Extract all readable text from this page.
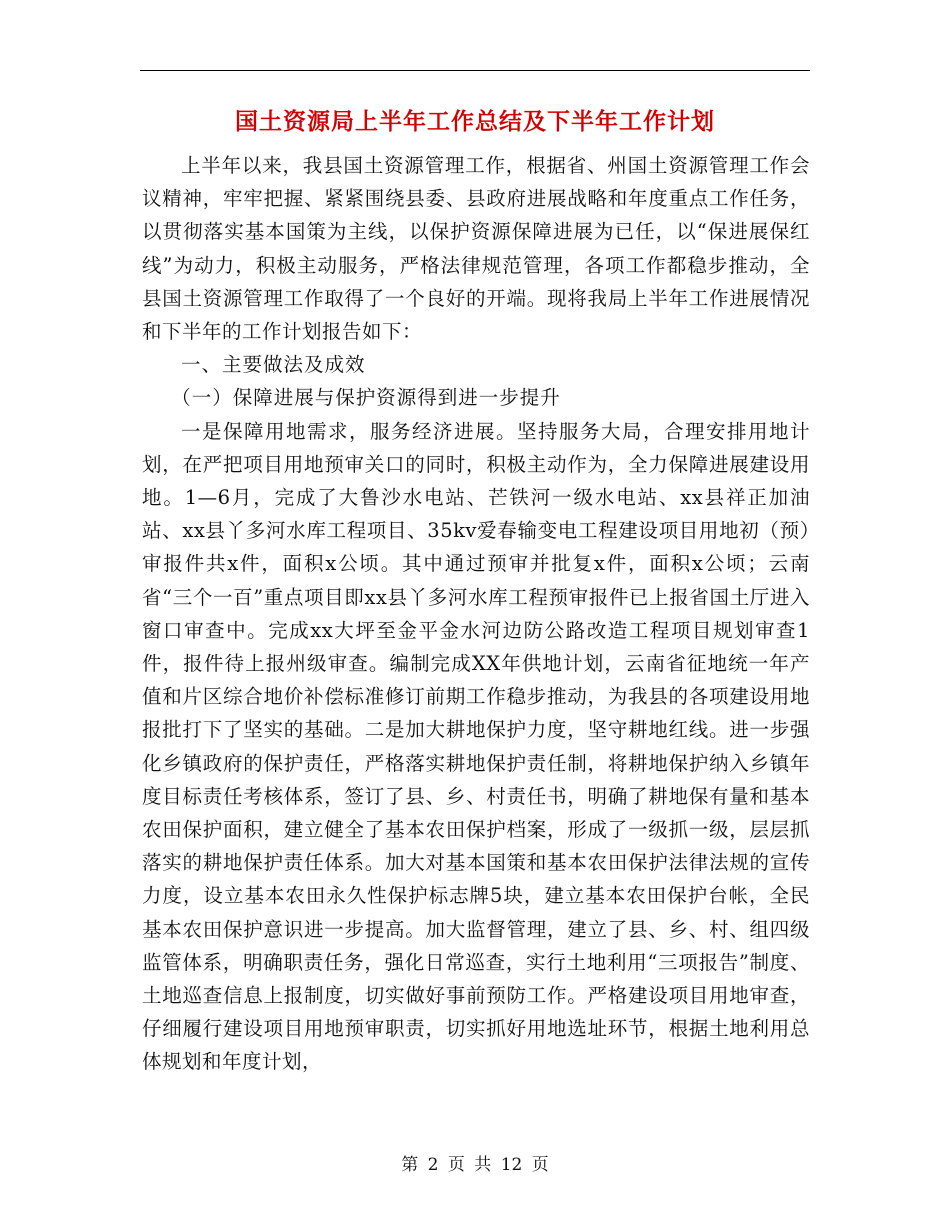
国土资源局上半年工作总结及下半年工作计划

上半年以来，我县国土资源管理工作，根据省、州国土资源管理工作会议精神，牢牢把握、紧紧围绕县委、县政府进展战略和年度重点工作任务，以贯彻落实基本国策为主线，以保护资源保障进展为已任，以“保进展保红线”为动力，积极主动服务，严格法律规范管理，各项工作都稳步推动，全县国土资源管理工作取得了一个良好的开端。现将我局上半年工作进展情况和下半年的工作计划报告如下：

一、主要做法及成效

（一）保障进展与保护资源得到进一步提升

一是保障用地需求，服务经济进展。坚持服务大局，合理安排用地计划，在严把项目用地预审关口的同时，积极主动作为，全力保障进展建设用地。1—6月，完成了大鲁沙水电站、芒铁河一级水电站、xx县祥正加油站、xx县丫多河水库工程项目、35kv爱春输变电工程建设项目用地初（预）审报件共x件，面积x公顷。其中通过预审并批复x件，面积x公顷；云南省“三个一百”重点项目即xx县丫多河水库工程预审报件已上报省国土厅进入窗口审查中。完成xx大坪至金平金水河边防公路改造工程项目规划审查1件，报件待上报州级审查。编制完成XX年供地计划，云南省征地统一年产值和片区综合地价补偿标准修订前期工作稳步推动，为我县的各项建设用地报批打下了坚实的基础。二是加大耕地保护力度，坚守耕地红线。进一步强化乡镇政府的保护责任，严格落实耕地保护责任制，将耕地保护纳入乡镇年度目标责任考核体系，签订了县、乡、村责任书，明确了耕地保有量和基本农田保护面积，建立健全了基本农田保护档案，形成了一级抓一级，层层抓落实的耕地保护责任体系。加大对基本国策和基本农田保护法律法规的宣传力度，设立基本农田永久性保护标志牌5块，建立基本农田保护台帐，全民基本农田保护意识进一步提高。加大监督管理，建立了县、乡、村、组四级监管体系，明确职责任务，强化日常巡查，实行土地利用“三项报告”制度、土地巡查信息上报制度，切实做好事前预防工作。严格建设项目用地审查，仔细履行建设项目用地预审职责，切实抓好用地选址环节，根据土地利用总体规划和年度计划，

第 2 页 共 12 页
